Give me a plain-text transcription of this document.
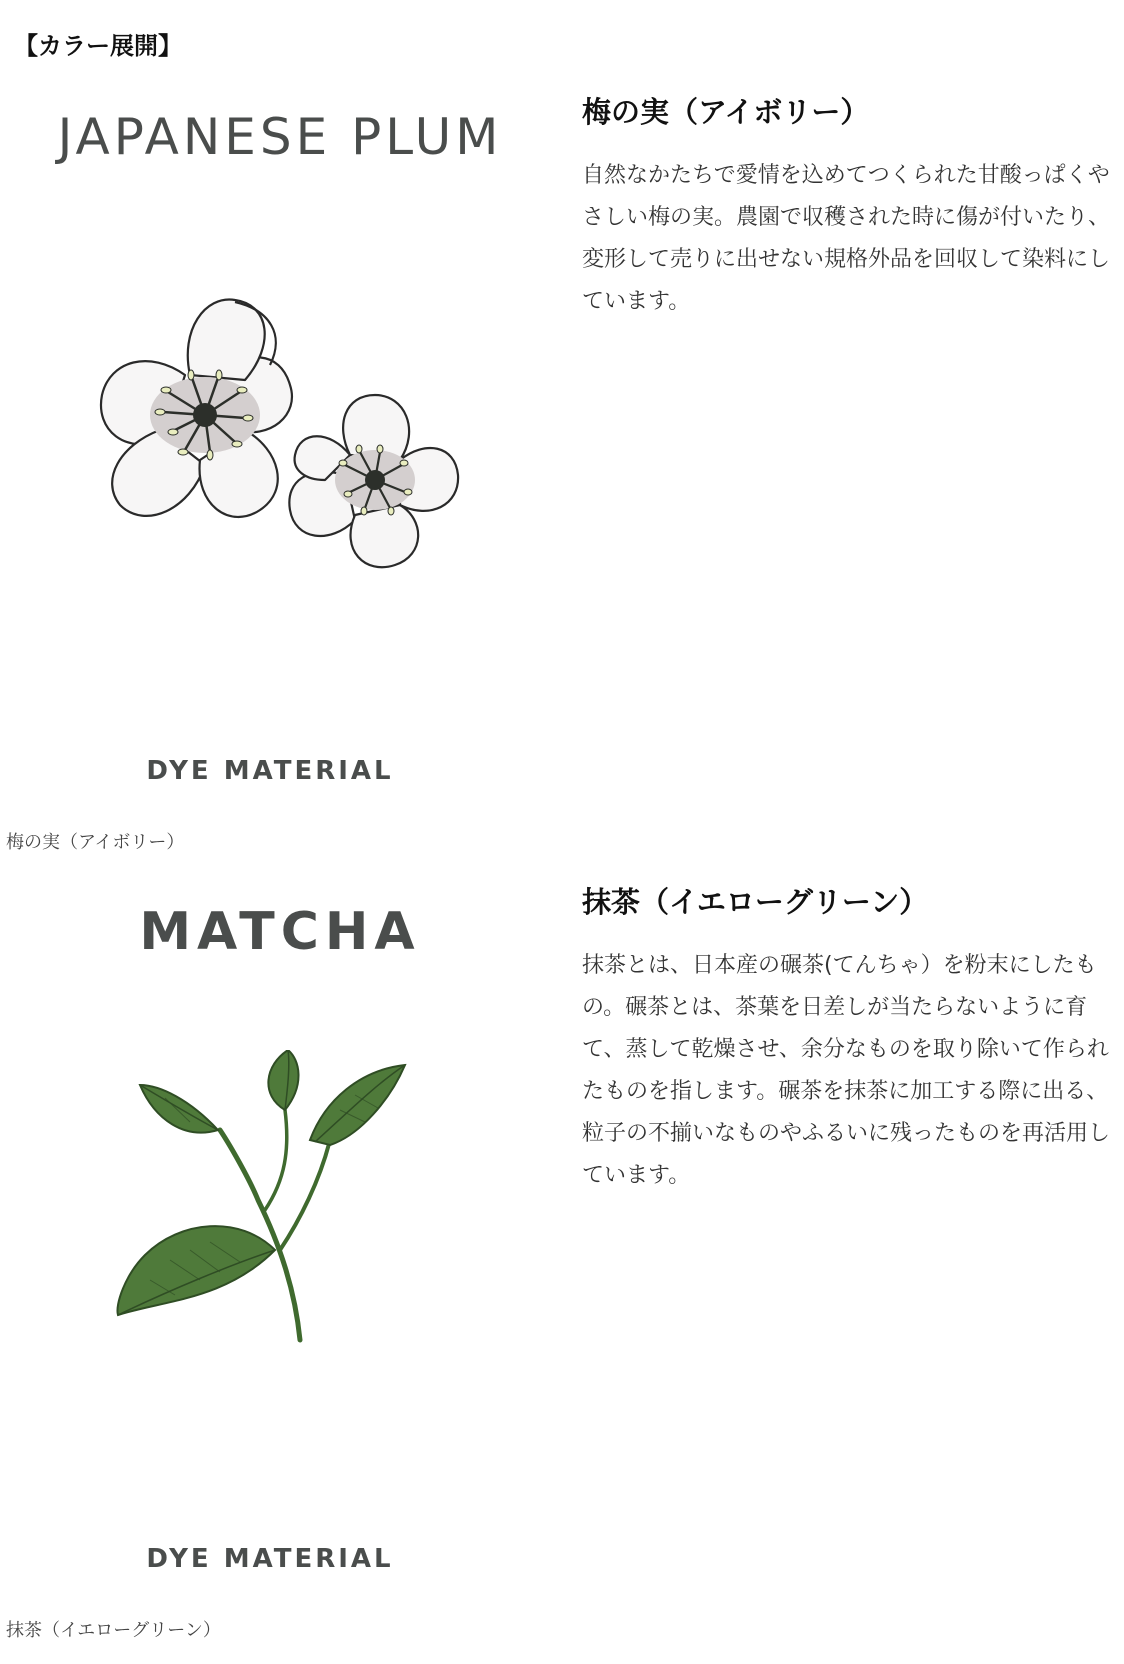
【カラー展開】

JAPANESE PLUM

DYE MATERIAL

梅の実（アイボリー）

梅の実（アイボリー）

自然なかたちで愛情を込めてつくられた甘酸っぱくやさしい梅の実。農園で収穫された時に傷が付いたり、変形して売りに出せない規格外品を回収して染料にしています。

MATCHA

DYE MATERIAL

抹茶（イエローグリーン）

抹茶（イエローグリーン）

抹茶とは、日本産の碾茶(てんちゃ）を粉末にしたもの。碾茶とは、茶葉を日差しが当たらないように育て、蒸して乾燥させ、余分なものを取り除いて作られたものを指します。碾茶を抹茶に加工する際に出る、粒子の不揃いなものやふるいに残ったものを再活用しています。
